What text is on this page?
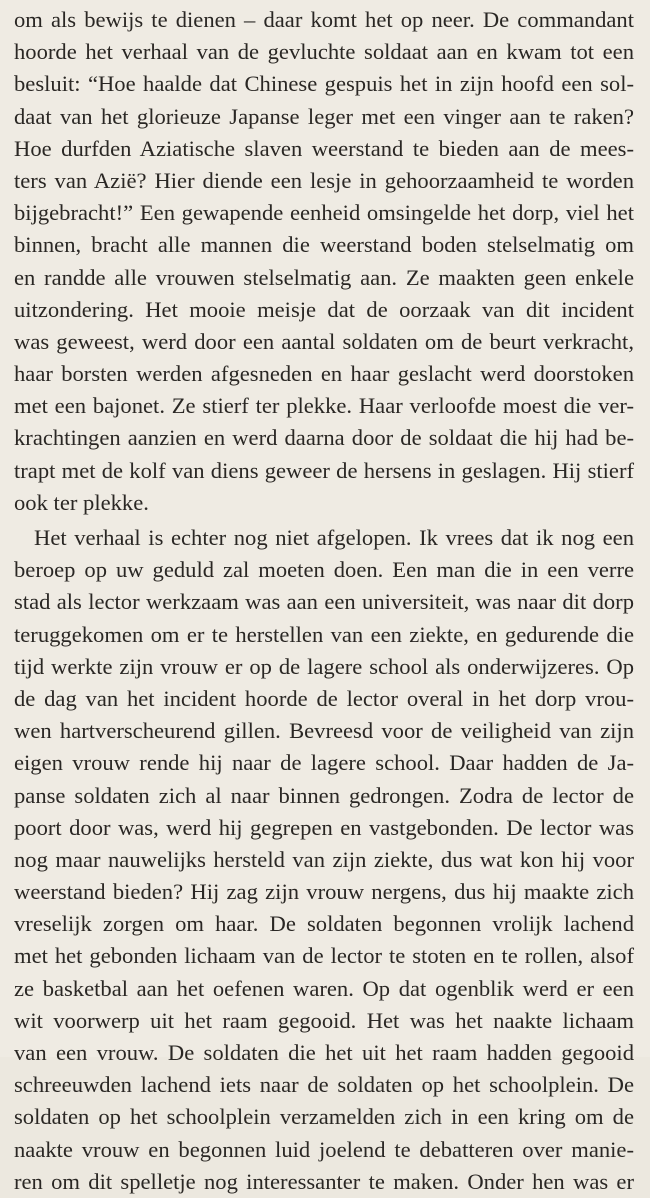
om als bewijs te dienen – daar komt het op neer. De commandant
hoorde het verhaal van de gevluchte soldaat aan en kwam tot een
besluit: “Hoe haalde dat Chinese gespuis het in zijn hoofd een sol-
daat van het glorieuze Japanse leger met een vinger aan te raken?
Hoe durfden Aziatische slaven weerstand te bieden aan de mees-
ters van Azië? Hier diende een lesje in gehoorzaamheid te worden
bijgebracht!” Een gewapende eenheid omsingelde het dorp, viel het
binnen, bracht alle mannen die weerstand boden stelselmatig om
en randde alle vrouwen stelselmatig aan. Ze maakten geen enkele
uitzondering. Het mooie meisje dat de oorzaak van dit incident
was geweest, werd door een aantal soldaten om de beurt verkracht,
haar borsten werden afgesneden en haar geslacht werd doorstoken
met een bajonet. Ze stierf ter plekke. Haar verloofde moest die ver-
krachtingen aanzien en werd daarna door de soldaat die hij had be-
trapt met de kolf van diens geweer de hersens in geslagen. Hij stierf
ook ter plekke.
Het verhaal is echter nog niet afgelopen. Ik vrees dat ik nog een
beroep op uw geduld zal moeten doen. Een man die in een verre
stad als lector werkzaam was aan een universiteit, was naar dit dorp
teruggekomen om er te herstellen van een ziekte, en gedurende die
tijd werkte zijn vrouw er op de lagere school als onderwijzeres. Op
de dag van het incident hoorde de lector overal in het dorp vrou-
wen hartverscheurend gillen. Bevreesd voor de veiligheid van zijn
eigen vrouw rende hij naar de lagere school. Daar hadden de Ja-
panse soldaten zich al naar binnen gedrongen. Zodra de lector de
poort door was, werd hij gegrepen en vastgebonden. De lector was
nog maar nauwelijks hersteld van zijn ziekte, dus wat kon hij voor
weerstand bieden? Hij zag zijn vrouw nergens, dus hij maakte zich
vreselijk zorgen om haar. De soldaten begonnen vrolijk lachend
met het gebonden lichaam van de lector te stoten en te rollen, alsof
ze basketbal aan het oefenen waren. Op dat ogenblik werd er een
wit voorwerp uit het raam gegooid. Het was het naakte lichaam
van een vrouw. De soldaten die het uit het raam hadden gegooid
schreeuwden lachend iets naar de soldaten op het schoolplein. De
soldaten op het schoolplein verzamelden zich in een kring om de
naakte vrouw en begonnen luid joelend te debatteren over manie-
ren om dit spelletje nog interessanter te maken. Onder hen was er
